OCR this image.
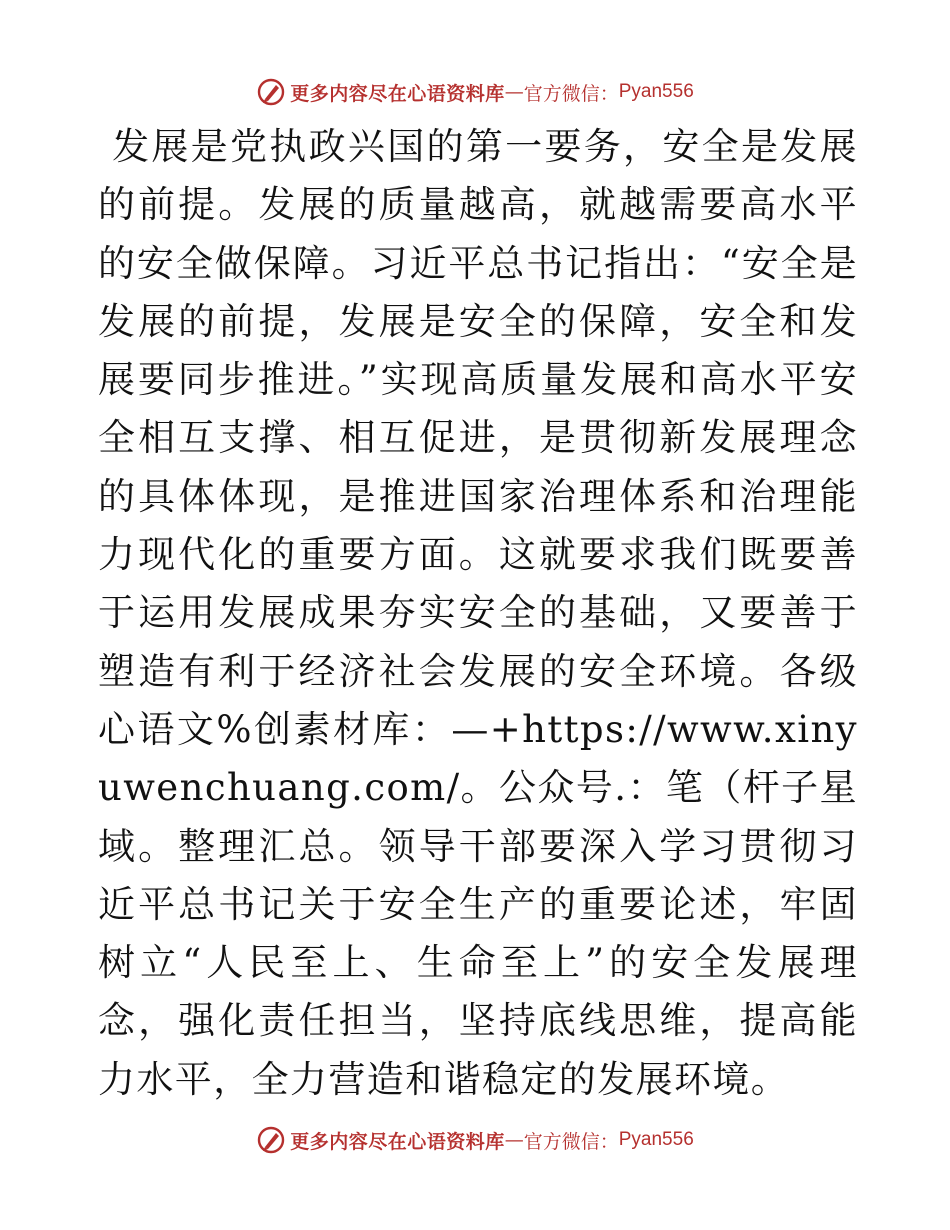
更多内容尽在心语资料库 — 官方微信： Pyan556

发展是党执政兴国的第一要务，安全是发展的前提。发展的质量越高，就越需要高水平的安全做保障。习近平总书记指出：“安全是发展的前提，发展是安全的保障，安全和发展要同步推进。”实现高质量发展和高水平安全相互支撑、相互促进，是贯彻新发展理念的具体体现，是推进国家治理体系和治理能力现代化的重要方面。这就要求我们既要善于运用发展成果夯实安全的基础，又要善于塑造有利于经济社会发展的安全环境。各级心语文%创素材库：—+https://www.xinyuwenchuang.com/。公众号.：笔（杆子星域。整理汇总。领导干部要深入学习贯彻习近平总书记关于安全生产的重要论述，牢固树立“人民至上、生命至上”的安全发展理念，强化责任担当，坚持底线思维，提高能力水平，全力营造和谐稳定的发展环境。

更多内容尽在心语资料库 — 官方微信： Pyan556
